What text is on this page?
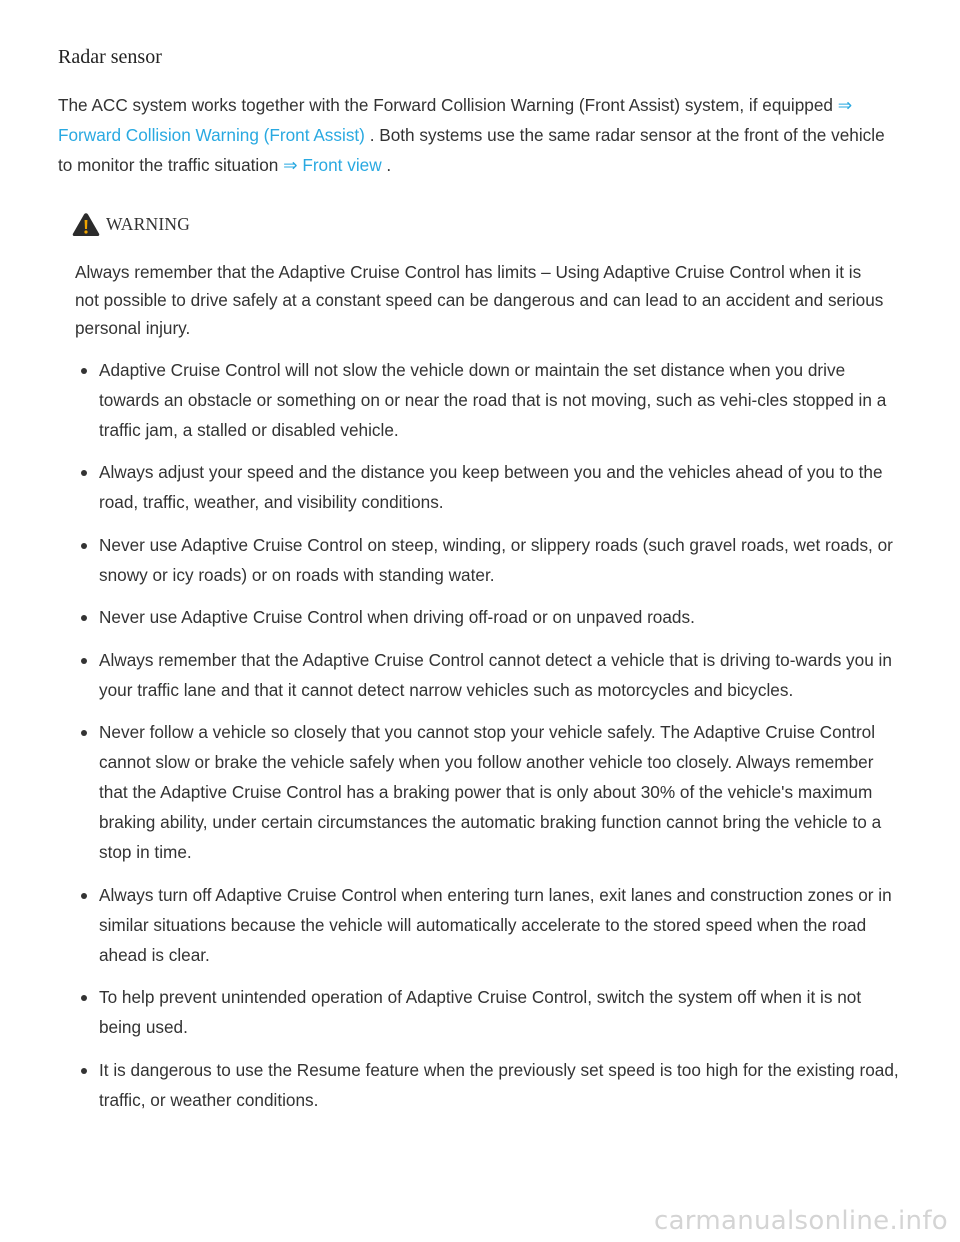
Radar sensor

The ACC system works together with the Forward Collision Warning (Front Assist) system, if equipped ⇒ Forward Collision Warning (Front Assist) . Both systems use the same radar sensor at the front of the vehicle to monitor the traffic situation ⇒ Front view .

WARNING
Always remember that the Adaptive Cruise Control has limits – Using Adaptive Cruise Control when it is not possible to drive safely at a constant speed can be dangerous and can lead to an accident and serious personal injury.
Adaptive Cruise Control will not slow the vehicle down or maintain the set distance when you drive towards an obstacle or something on or near the road that is not moving, such as vehi-cles stopped in a traffic jam, a stalled or disabled vehicle.
Always adjust your speed and the distance you keep between you and the vehicles ahead of you to the road, traffic, weather, and visibility conditions.
Never use Adaptive Cruise Control on steep, winding, or slippery roads (such gravel roads, wet roads, or snowy or icy roads) or on roads with standing water.
Never use Adaptive Cruise Control when driving off-road or on unpaved roads.
Always remember that the Adaptive Cruise Control cannot detect a vehicle that is driving to-wards you in your traffic lane and that it cannot detect narrow vehicles such as motorcycles and bicycles.
Never follow a vehicle so closely that you cannot stop your vehicle safely. The Adaptive Cruise Control cannot slow or brake the vehicle safely when you follow another vehicle too closely. Always remember that the Adaptive Cruise Control has a braking power that is only about 30% of the vehicle's maximum braking ability, under certain circumstances the automatic braking function cannot bring the vehicle to a stop in time.
Always turn off Adaptive Cruise Control when entering turn lanes, exit lanes and construction zones or in similar situations because the vehicle will automatically accelerate to the stored speed when the road ahead is clear.
To help prevent unintended operation of Adaptive Cruise Control, switch the system off when it is not being used.
It is dangerous to use the Resume feature when the previously set speed is too high for the existing road, traffic, or weather conditions.
carmanualsonline.info
